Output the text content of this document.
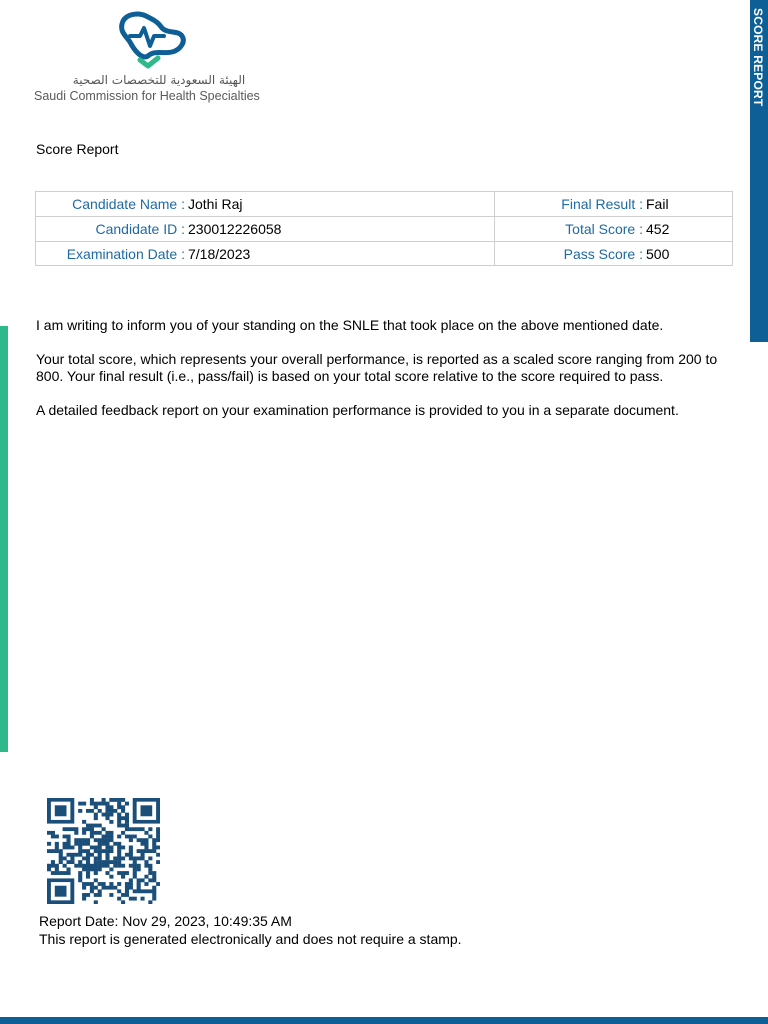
الهيئة السعودية للتخصصات الصحية
Saudi Commission for Health Specialties	SCORE REPORT
Score Report
Candidate Name : Jothi Raj	Final Result : Fail
Candidate ID : 230012226058	Total Score : 452
Examination Date : 7/18/2023	Pass Score : 500

I am writing to inform you of your standing on the SNLE that took place on the above mentioned date.

Your total score, which represents your overall performance, is reported as a scaled score ranging from 200 to 800. Your final result (i.e., pass/fail) is based on your total score relative to the score required to pass.

A detailed feedback report on your examination performance is provided to you in a separate document.

Report Date: Nov 29, 2023, 10:49:35 AM
This report is generated electronically and does not require a stamp.
